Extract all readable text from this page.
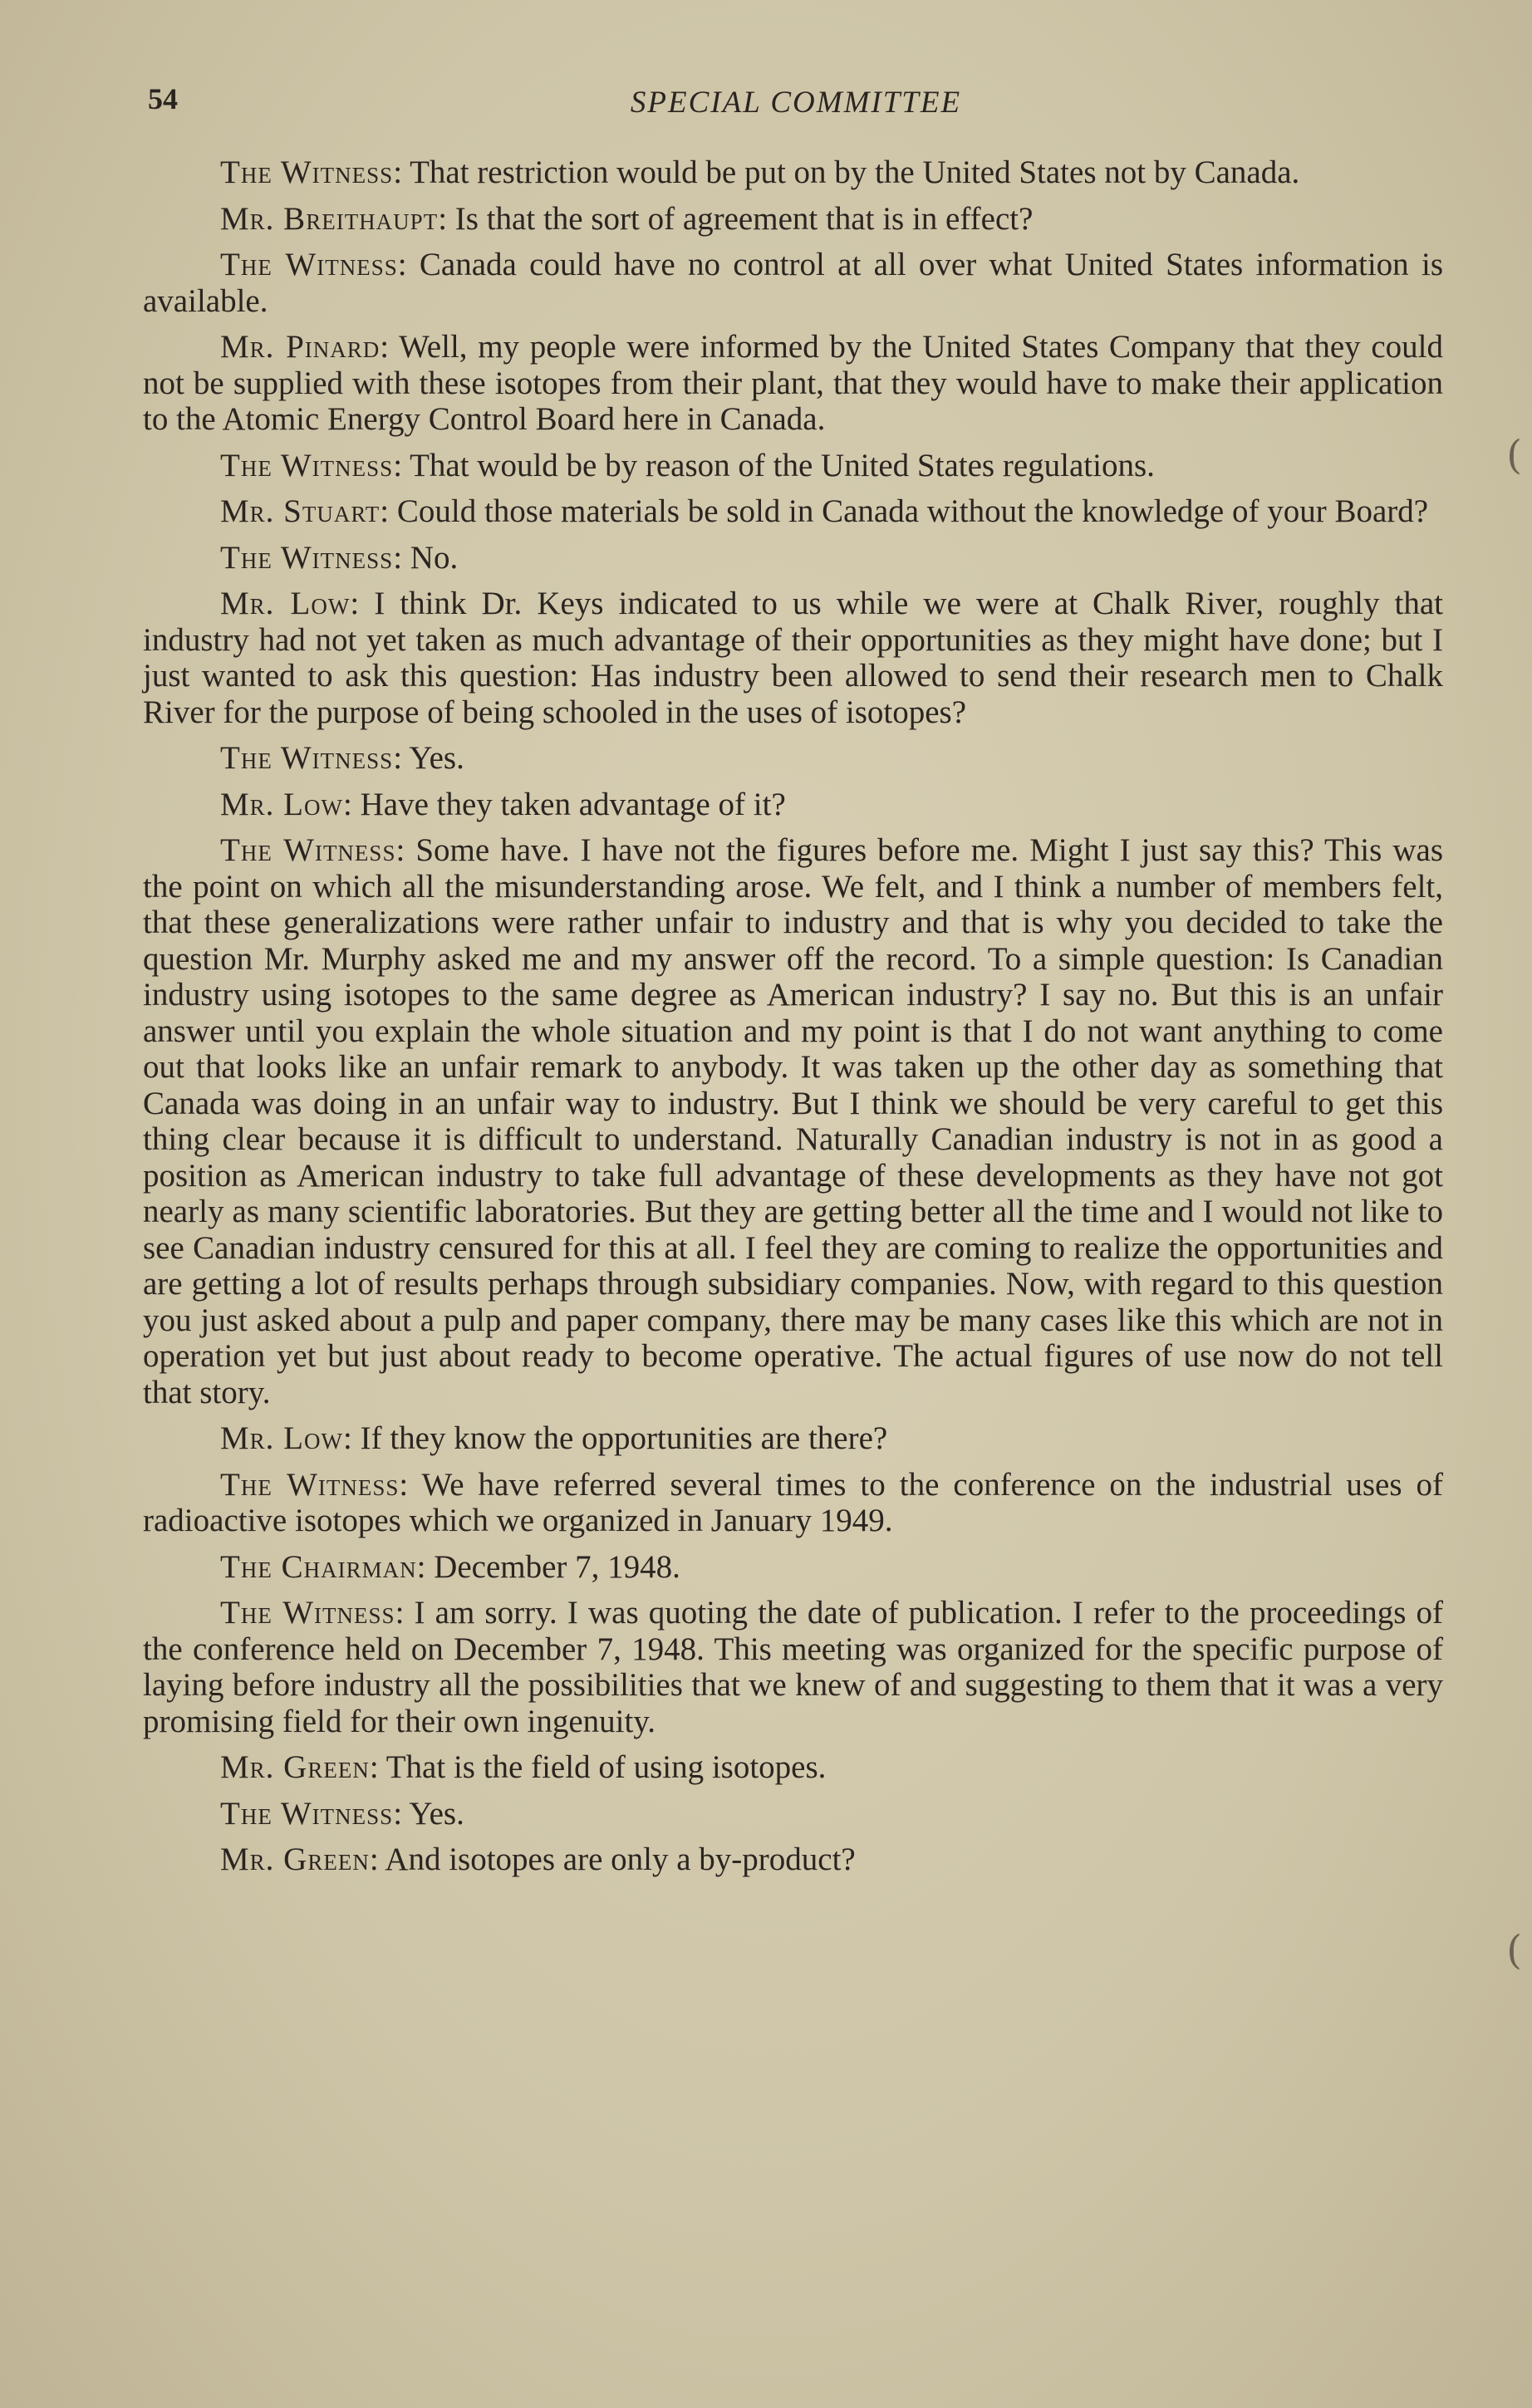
54	SPECIAL COMMITTEE

The Witness: That restriction would be put on by the United States not by Canada.

Mr. Breithaupt: Is that the sort of agreement that is in effect?

The Witness: Canada could have no control at all over what United States information is available.

Mr. Pinard: Well, my people were informed by the United States Company that they could not be supplied with these isotopes from their plant, that they would have to make their application to the Atomic Energy Control Board here in Canada.

The Witness: That would be by reason of the United States regulations.

Mr. Stuart: Could those materials be sold in Canada without the knowledge of your Board?

The Witness: No.

Mr. Low: I think Dr. Keys indicated to us while we were at Chalk River, roughly that industry had not yet taken as much advantage of their opportunities as they might have done; but I just wanted to ask this question: Has industry been allowed to send their research men to Chalk River for the purpose of being schooled in the uses of isotopes?

The Witness: Yes.

Mr. Low: Have they taken advantage of it?

The Witness: Some have. I have not the figures before me. Might I just say this? This was the point on which all the misunderstanding arose. We felt, and I think a number of members felt, that these generalizations were rather unfair to industry and that is why you decided to take the question Mr. Murphy asked me and my answer off the record. To a simple question: Is Canadian industry using isotopes to the same degree as American industry? I say no. But this is an unfair answer until you explain the whole situation and my point is that I do not want anything to come out that looks like an unfair remark to anybody. It was taken up the other day as something that Canada was doing in an unfair way to industry. But I think we should be very careful to get this thing clear because it is difficult to understand. Naturally Canadian industry is not in as good a position as American industry to take full advantage of these developments as they have not got nearly as many scientific laboratories. But they are getting better all the time and I would not like to see Canadian industry censured for this at all. I feel they are coming to realize the opportunities and are getting a lot of results perhaps through subsidiary companies. Now, with regard to this question you just asked about a pulp and paper company, there may be many cases like this which are not in operation yet but just about ready to become operative. The actual figures of use now do not tell that story.

Mr. Low: If they know the opportunities are there?

The Witness: We have referred several times to the conference on the industrial uses of radioactive isotopes which we organized in January 1949.

The Chairman: December 7, 1948.

The Witness: I am sorry. I was quoting the date of publication. I refer to the proceedings of the conference held on December 7, 1948. This meeting was organized for the specific purpose of laying before industry all the possibilities that we knew of and suggesting to them that it was a very promising field for their own ingenuity.

Mr. Green: That is the field of using isotopes.

The Witness: Yes.

Mr. Green: And isotopes are only a by-product?

(
(
